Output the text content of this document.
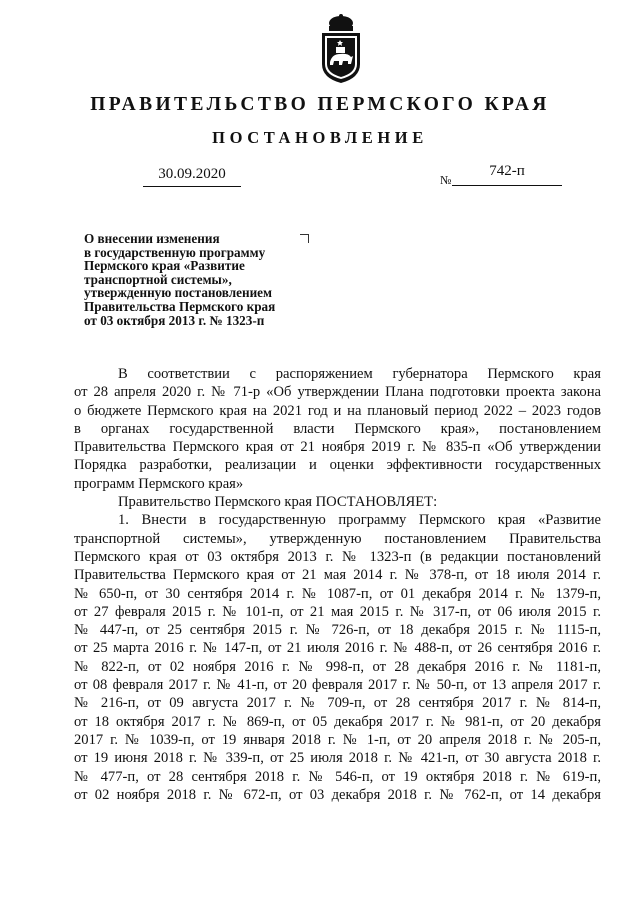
ПРАВИТЕЛЬСТВО ПЕРМСКОГО КРАЯ
ПОСТАНОВЛЕНИЕ
30.09.2020	№
742-п
О внесении изменения
в государственную программу
Пермского края «Развитие
транспортной системы»,
утвержденную постановлением
Правительства Пермского края
от 03 октября 2013 г. № 1323-п
В соответствии с распоряжением губернатора Пермского края
от 28 апреля 2020 г. № 71-р «Об утверждении Плана подготовки проекта закона
о бюджете Пермского края на 2021 год и на плановый период 2022 – 2023 годов
в органах государственной власти Пермского края», постановлением
Правительства Пермского края от 21 ноября 2019 г. № 835-п «Об утверждении
Порядка разработки, реализации и оценки эффективности государственных
программ Пермского края»
Правительство Пермского края ПОСТАНОВЛЯЕТ:
1. Внести в государственную программу Пермского края «Развитие
транспортной системы», утвержденную постановлением Правительства
Пермского края от 03 октября 2013 г. № 1323-п (в редакции постановлений
Правительства Пермского края от 21 мая 2014 г. № 378-п, от 18 июля 2014 г.
№ 650-п, от 30 сентября 2014 г. № 1087-п, от 01 декабря 2014 г. № 1379-п,
от 27 февраля 2015 г. № 101-п, от 21 мая 2015 г. № 317-п, от 06 июля 2015 г.
№ 447-п, от 25 сентября 2015 г. № 726-п, от 18 декабря 2015 г. № 1115-п,
от 25 марта 2016 г. № 147-п, от 21 июля 2016 г. № 488-п, от 26 сентября 2016 г.
№ 822-п, от 02 ноября 2016 г. № 998-п, от 28 декабря 2016 г. № 1181-п,
от 08 февраля 2017 г. № 41-п, от 20 февраля 2017 г. № 50-п, от 13 апреля 2017 г.
№ 216-п, от 09 августа 2017 г. № 709-п, от 28 сентября 2017 г. № 814-п,
от 18 октября 2017 г. № 869-п, от 05 декабря 2017 г. № 981-п, от 20 декабря
2017 г. № 1039-п, от 19 января 2018 г. № 1-п, от 20 апреля 2018 г. № 205-п,
от 19 июня 2018 г. № 339-п, от 25 июля 2018 г. № 421-п, от 30 августа 2018 г.
№ 477-п, от 28 сентября 2018 г. № 546-п, от 19 октября 2018 г. № 619-п,
от 02 ноября 2018 г. № 672-п, от 03 декабря 2018 г. № 762-п, от 14 декабря
